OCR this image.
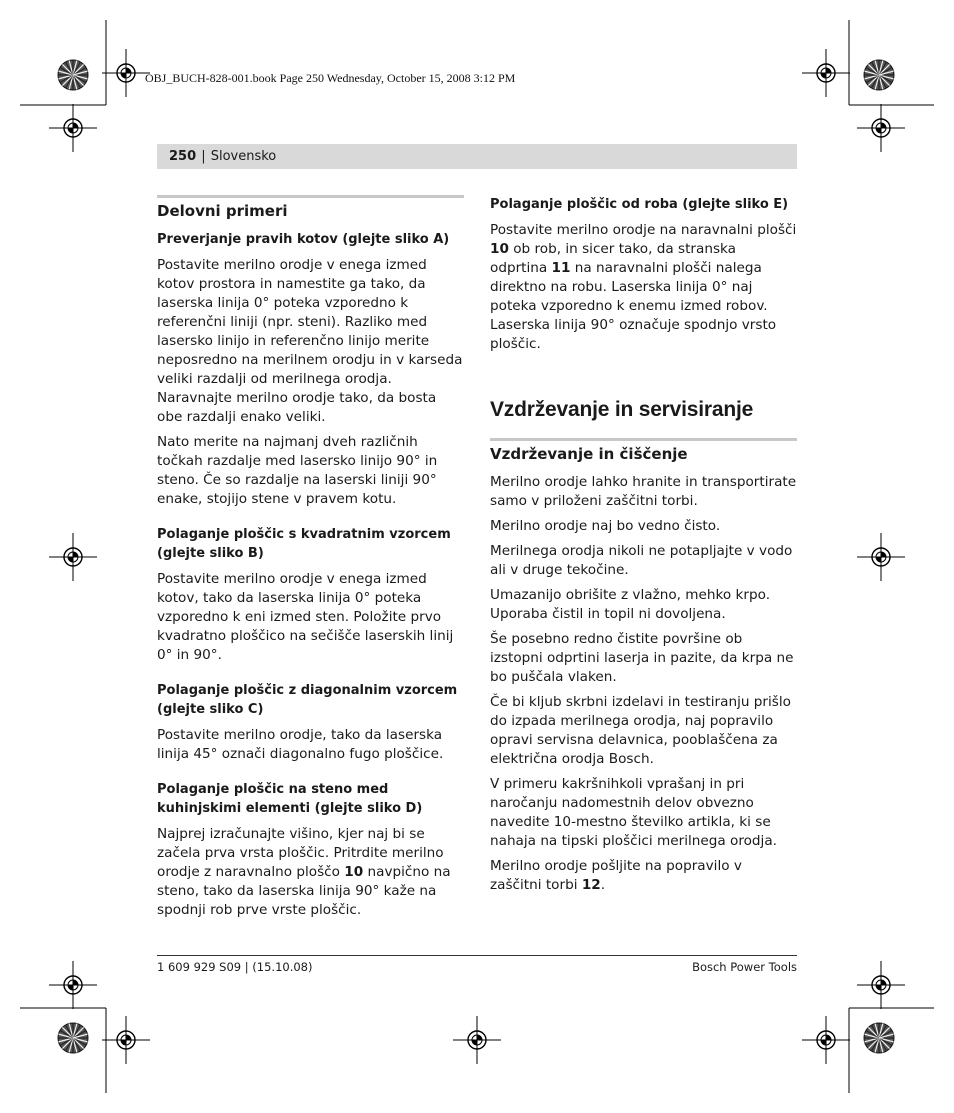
OBJ_BUCH-828-001.book Page 250 Wednesday, October 15, 2008 3:12 PM
250 | Slovensko
Delovni primeri
Preverjanje pravih kotov (glejte sliko A)

Postavite merilno orodje v enega izmed kotov prostora in namestite ga tako, da laserska linija 0° poteka vzporedno k referenčni liniji (npr. steni). Razliko med lasersko linijo in referenčno linijo merite neposredno na merilnem orodju in v karseda veliki razdalji od merilnega orodja. Naravnajte merilno orodje tako, da bosta obe razdalji enako veliki.

Nato merite na najmanj dveh različnih točkah razdalje med lasersko linijo 90° in steno. Če so razdalje na laserski liniji 90° enake, stojijo stene v pravem kotu.

Polaganje ploščic s kvadratnim vzorcem (glejte sliko B)

Postavite merilno orodje v enega izmed kotov, tako da laserska linija 0° poteka vzporedno k eni izmed sten. Položite prvo kvadratno ploščico na sečišče laserskih linij 0° in 90°.

Polaganje ploščic z diagonalnim vzorcem (glejte sliko C)

Postavite merilno orodje, tako da laserska linija 45° označi diagonalno fugo ploščice.

Polaganje ploščic na steno med kuhinjskimi elementi (glejte sliko D)

Najprej izračunajte višino, kjer naj bi se začela prva vrsta ploščic. Pritrdite merilno orodje z naravnalno ploščo 10 navpično na steno, tako da laserska linija 90° kaže na spodnji rob prve vrste ploščic.

Polaganje ploščic od roba (glejte sliko E)

Postavite merilno orodje na naravnalni plošči 10 ob rob, in sicer tako, da stranska odprtina 11 na naravnalni plošči nalega direktno na robu. Laserska linija 0° naj poteka vzporedno k enemu izmed robov. Laserska linija 90° označuje spodnjo vrsto ploščic.

Vzdrževanje in servisiranje
Vzdrževanje in čiščenje

Merilno orodje lahko hranite in transportirate samo v priloženi zaščitni torbi.

Merilno orodje naj bo vedno čisto.

Merilnega orodja nikoli ne potapljajte v vodo ali v druge tekočine.

Umazanijo obrišite z vlažno, mehko krpo. Uporaba čistil in topil ni dovoljena.

Še posebno redno čistite površine ob izstopni odprtini laserja in pazite, da krpa ne bo puščala vlaken.

Če bi kljub skrbni izdelavi in testiranju prišlo do izpada merilnega orodja, naj popravilo opravi servisna delavnica, pooblaščena za električna orodja Bosch.

V primeru kakršnihkoli vprašanj in pri naročanju nadomestnih delov obvezno navedite 10-mestno številko artikla, ki se nahaja na tipski ploščici merilnega orodja.

Merilno orodje pošljite na popravilo v zaščitni torbi 12.

1 609 929 S09 | (15.10.08)	Bosch Power Tools
